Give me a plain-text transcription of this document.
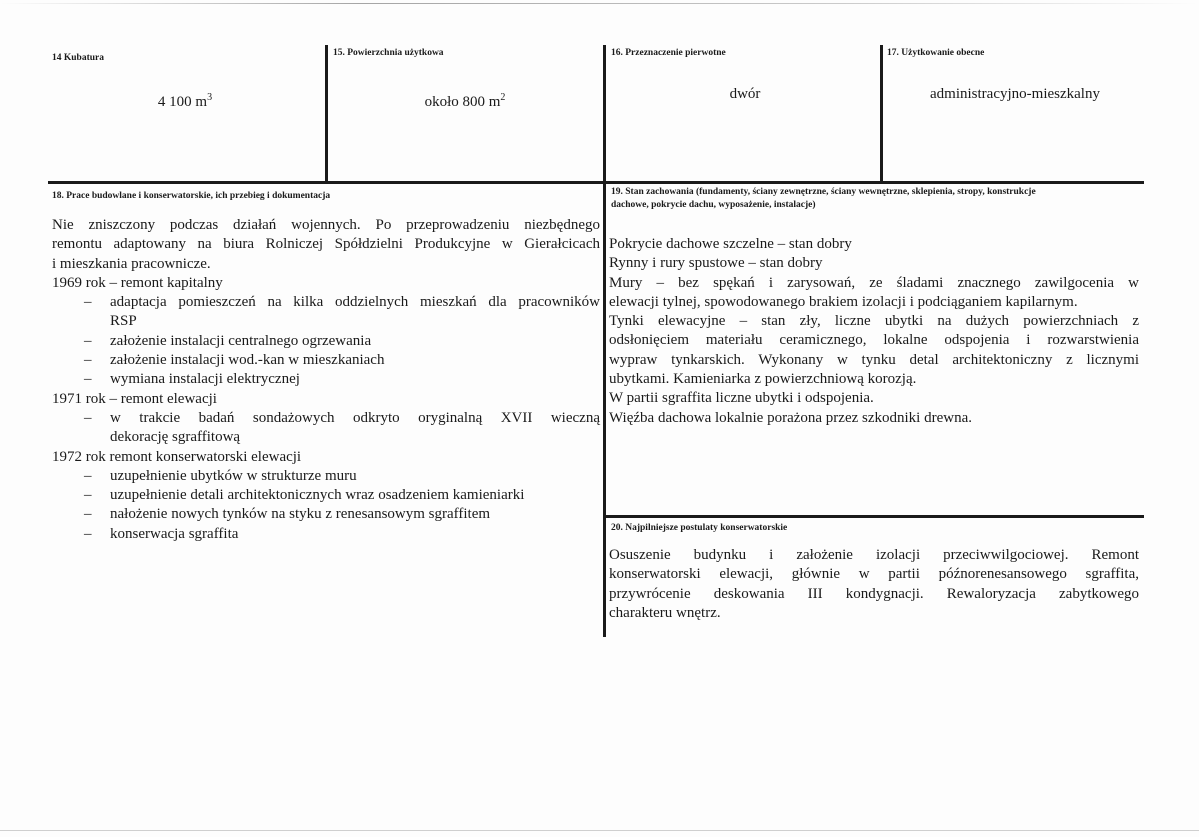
14 Kubatura
4 100 $m^3$
15. Powierzchnia użytkowa
około 800 $m^2$
16. Przeznaczenie pierwotne
dwór
17. Użytkowanie obecne
administracyjno-mieszkalny
18. Prace budowlane i konserwatorskie, ich przebieg i dokumentacja

Nie zniszczony podczas działań wojennych. Po przeprowadzeniu niezbędnego

remontu adaptowany na biura Rolniczej Spółdzielni Produkcyjne w Gierałcicach

i mieszkania pracownicze.

1969 rok – remont kapitalny

– adaptacja pomieszczeń na kilka oddzielnych mieszkań dla pracowników
RSP
– założenie instalacji centralnego ogrzewania
– założenie instalacji wod.-kan w mieszkaniach
– wymiana instalacji elektrycznej

1971 rok – remont elewacji

– w trakcie badań sondażowych odkryto oryginalną XVII wieczną
dekorację sgraffitową

1972 rok remont konserwatorski elewacji

– uzupełnienie ubytków w strukturze muru
– uzupełnienie detali architektonicznych wraz osadzeniem kamieniarki
– nałożenie nowych tynków na styku z renesansowym sgraffitem
– konserwacja sgraffita
19. Stan zachowania (fundamenty, ściany zewnętrzne, ściany wewnętrzne, sklepienia, stropy, konstrukcje
dachowe, pokrycie dachu, wyposażenie, instalacje)

Pokrycie dachowe szczelne – stan dobry

Rynny i rury spustowe – stan dobry

Mury – bez spękań i zarysowań, ze śladami znacznego zawilgocenia w

elewacji tylnej, spowodowanego brakiem izolacji i podciąganiem kapilarnym.

Tynki elewacyjne – stan zły, liczne ubytki na dużych powierzchniach z

odsłonięciem materiału ceramicznego, lokalne odspojenia i rozwarstwienia

wypraw tynkarskich. Wykonany w tynku detal architektoniczny z licznymi

ubytkami. Kamieniarka z powierzchniową korozją.

W partii sgraffita liczne ubytki i odspojenia.

Więźba dachowa lokalnie porażona przez szkodniki drewna.

20. Najpilniejsze postulaty konserwatorskie

Osuszenie budynku i założenie izolacji przeciwwilgociowej. Remont

konserwatorski elewacji, głównie w partii późnorenesansowego sgraffita,

przywrócenie deskowania III kondygnacji. Rewaloryzacja zabytkowego

charakteru wnętrz.
